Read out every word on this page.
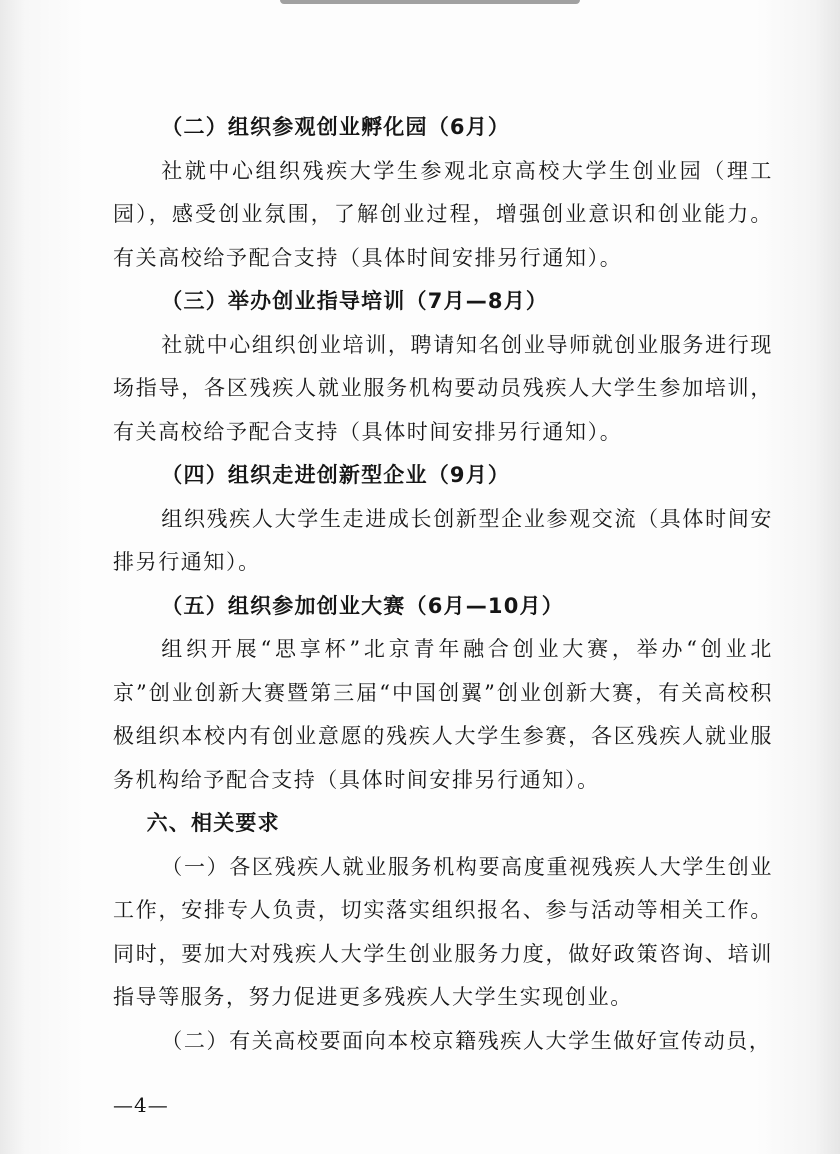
（二）组织参观创业孵化园（6月）
社就中心组织残疾大学生参观北京高校大学生创业园（理工园），感受创业氛围，了解创业过程，增强创业意识和创业能力。有关高校给予配合支持（具体时间安排另行通知）。
（三）举办创业指导培训（7月—8月）
社就中心组织创业培训，聘请知名创业导师就创业服务进行现场指导，各区残疾人就业服务机构要动员残疾人大学生参加培训，有关高校给予配合支持（具体时间安排另行通知）。
（四）组织走进创新型企业（9月）
组织残疾人大学生走进成长创新型企业参观交流（具体时间安排另行通知）。
（五）组织参加创业大赛（6月—10月）
组织开展“思享杯”北京青年融合创业大赛，举办“创业北京”创业创新大赛暨第三届“中国创翼”创业创新大赛，有关高校积极组织本校内有创业意愿的残疾人大学生参赛，各区残疾人就业服务机构给予配合支持（具体时间安排另行通知）。
六、相关要求
（一）各区残疾人就业服务机构要高度重视残疾人大学生创业工作，安排专人负责，切实落实组织报名、参与活动等相关工作。同时，要加大对残疾人大学生创业服务力度，做好政策咨询、培训指导等服务，努力促进更多残疾人大学生实现创业。
（二）有关高校要面向本校京籍残疾人大学生做好宣传动员，
—4—
